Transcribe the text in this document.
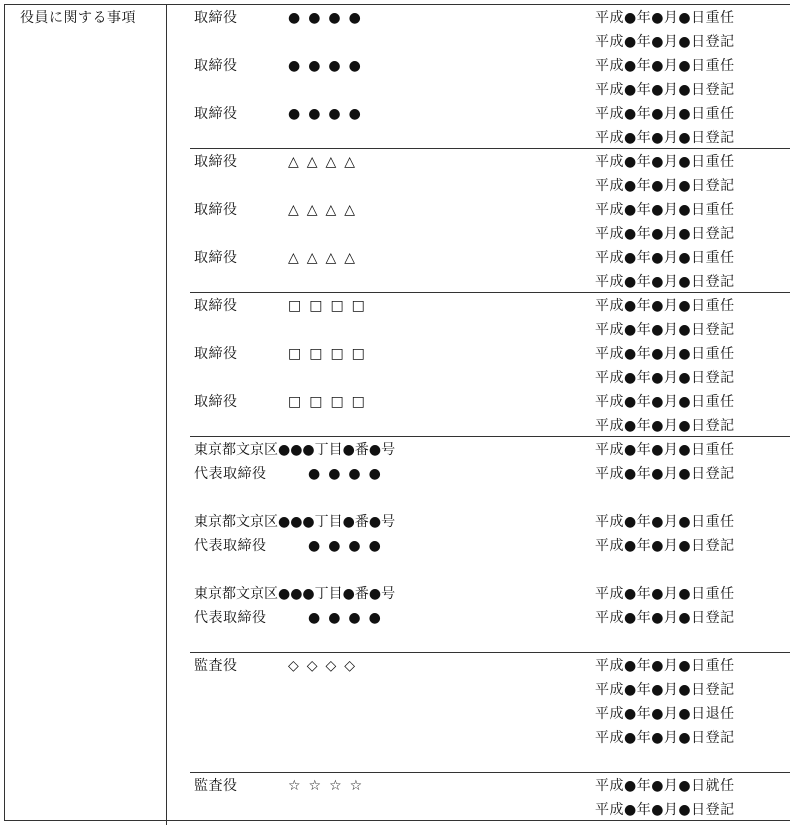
役員に関する事項	取締役	●●●●	平成●年●月●日重任
平成●年●月●日登記
取締役	●●●●	平成●年●月●日重任
平成●年●月●日登記
取締役	●●●●	平成●年●月●日重任
平成●年●月●日登記
取締役	△△△△	平成●年●月●日重任
平成●年●月●日登記
取締役	△△△△	平成●年●月●日重任
平成●年●月●日登記
取締役	△△△△	平成●年●月●日重任
平成●年●月●日登記
取締役	□□□□	平成●年●月●日重任
平成●年●月●日登記
取締役	□□□□	平成●年●月●日重任
平成●年●月●日登記
取締役	□□□□	平成●年●月●日重任
平成●年●月●日登記
東京都文京区●●●丁目●番●号	平成●年●月●日重任
代表取締役	●●●●	平成●年●月●日登記
東京都文京区●●●丁目●番●号	平成●年●月●日重任
代表取締役	●●●●	平成●年●月●日登記
東京都文京区●●●丁目●番●号	平成●年●月●日重任
代表取締役	●●●●	平成●年●月●日登記
監査役	◇◇◇◇	平成●年●月●日重任
平成●年●月●日登記
平成●年●月●日退任
平成●年●月●日登記
監査役	☆☆☆☆	平成●年●月●日就任
平成●年●月●日登記
